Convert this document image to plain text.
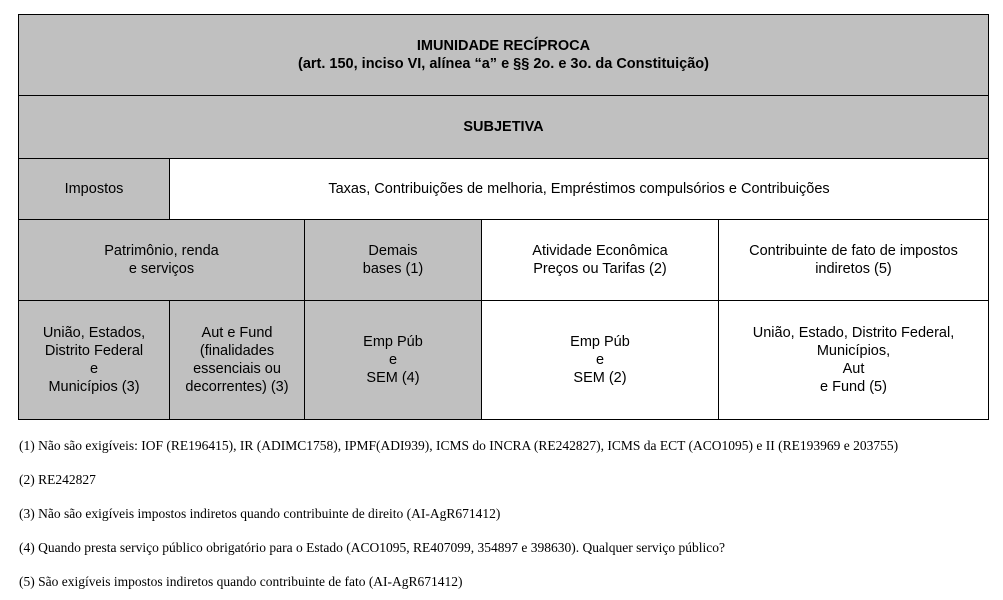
IMUNIDADE RECÍPROCA
(art. 150, inciso VI, alínea “a” e §§ 2o. e 3o. da Constituição)
SUBJETIVA
Impostos	Taxas, Contribuições de melhoria, Empréstimos compulsórios e Contribuições
Patrimônio, renda
e serviços
Demais
bases (1)
Atividade Econômica
Preços ou Tarifas (2)
Contribuinte de fato de impostos
indiretos (5)
União, Estados,
Distrito Federal
e
Municípios (3)
Aut e Fund
(finalidades
essenciais ou
decorrentes) (3)
Emp Púb
e
SEM (4)
Emp Púb
e
SEM (2)
União, Estado, Distrito Federal,
Municípios,
Aut
e Fund (5)
(1) Não são exigíveis: IOF (RE196415), IR (ADIMC1758), IPMF(ADI939), ICMS do INCRA (RE242827), ICMS da ECT (ACO1095) e II (RE193969 e 203755)
(2) RE242827
(3) Não são exigíveis impostos indiretos quando contribuinte de direito (AI-AgR671412)
(4) Quando presta serviço público obrigatório para o Estado (ACO1095, RE407099, 354897 e 398630). Qualquer serviço público?
(5) São exigíveis impostos indiretos quando contribuinte de fato (AI-AgR671412)
